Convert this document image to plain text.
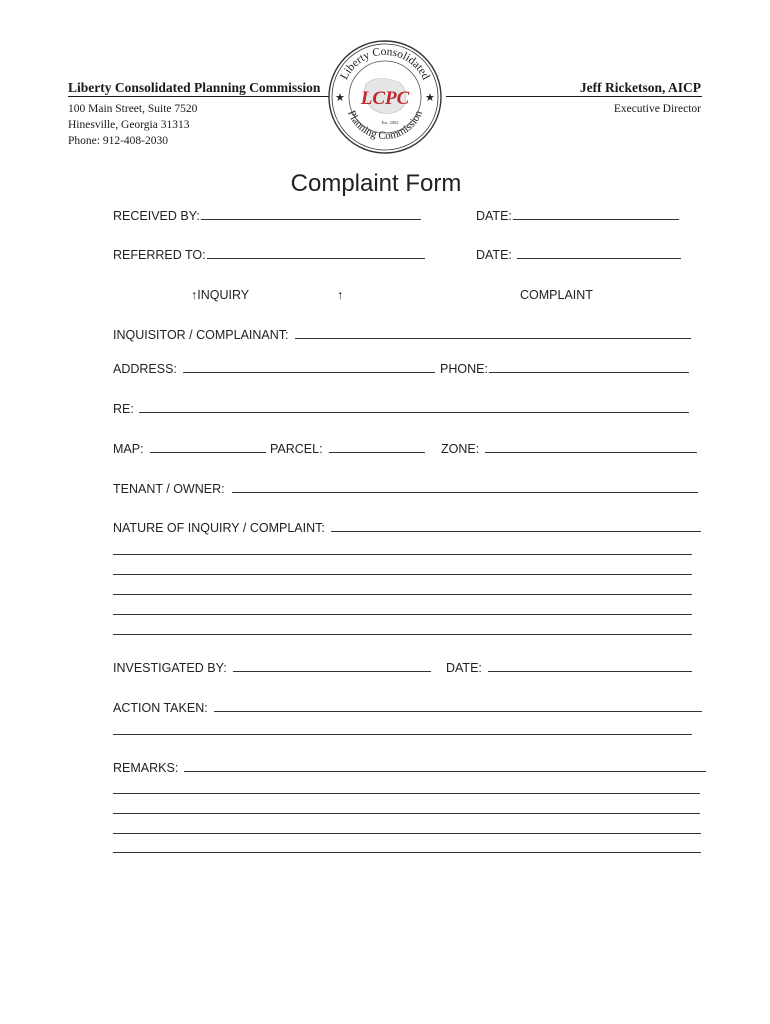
Liberty Consolidated Planning Commission
100 Main Street, Suite 7520
Hinesville, Georgia 31313
Phone: 912-408-2030
Jeff Ricketson, AICP
Executive Director
Liberty Consolidated
Planning Commission
LCPC
Est. 2002
★	★
Complaint Form
RECEIVED BY:	DATE:
REFERRED TO:	DATE:
↑INQUIRY	↑	COMPLAINT
INQUISITOR / COMPLAINANT:
ADDRESS:	PHONE:
RE:
MAP:	PARCEL:	ZONE:
TENANT / OWNER:
NATURE OF INQUIRY / COMPLAINT:
INVESTIGATED BY:	DATE:
ACTION TAKEN:
REMARKS:
